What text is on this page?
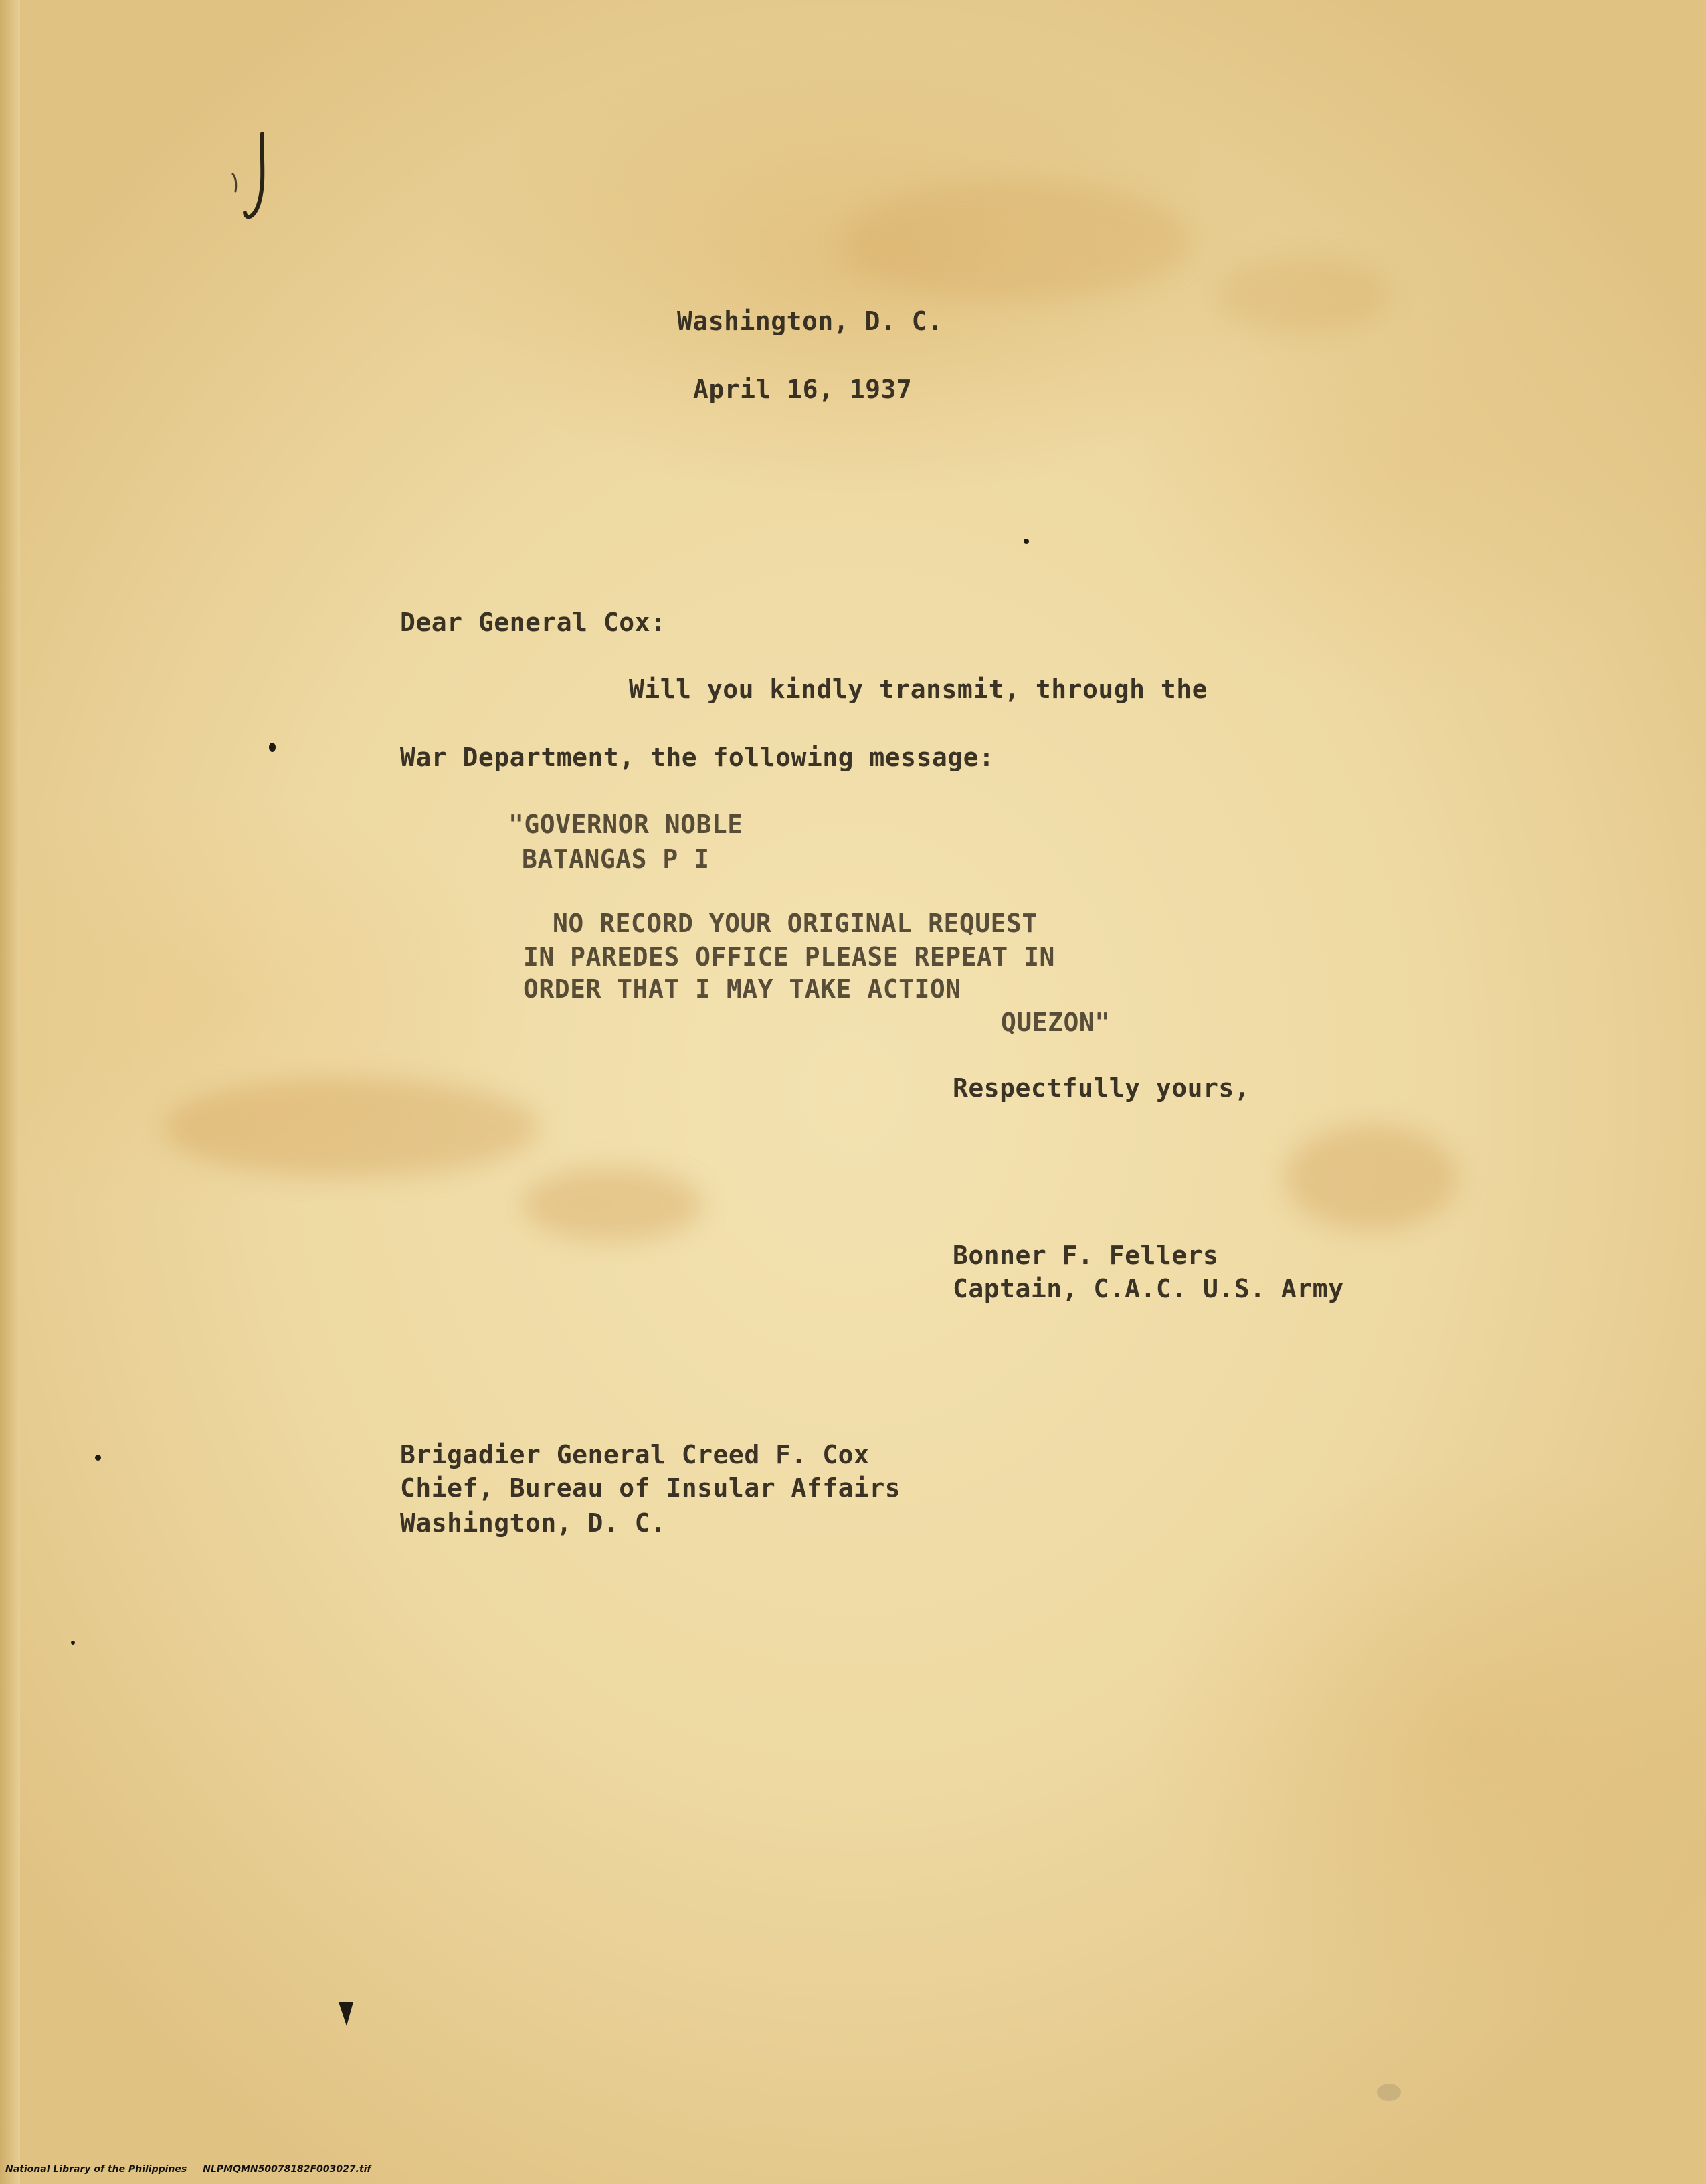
Washington, D. C.
April 16, 1937
Dear General Cox:
Will you kindly transmit, through the
War Department, the following message:
"GOVERNOR NOBLE
BATANGAS P I
NO RECORD YOUR ORIGINAL REQUEST
IN PAREDES OFFICE PLEASE REPEAT IN
ORDER THAT I MAY TAKE ACTION
QUEZON"
Respectfully yours,
Bonner F. Fellers
Captain, C.A.C. U.S. Army
Brigadier General Creed F. Cox
Chief, Bureau of Insular Affairs
Washington, D. C.
National Library of the Philippines NLPMQMN50078182F003027.tif
